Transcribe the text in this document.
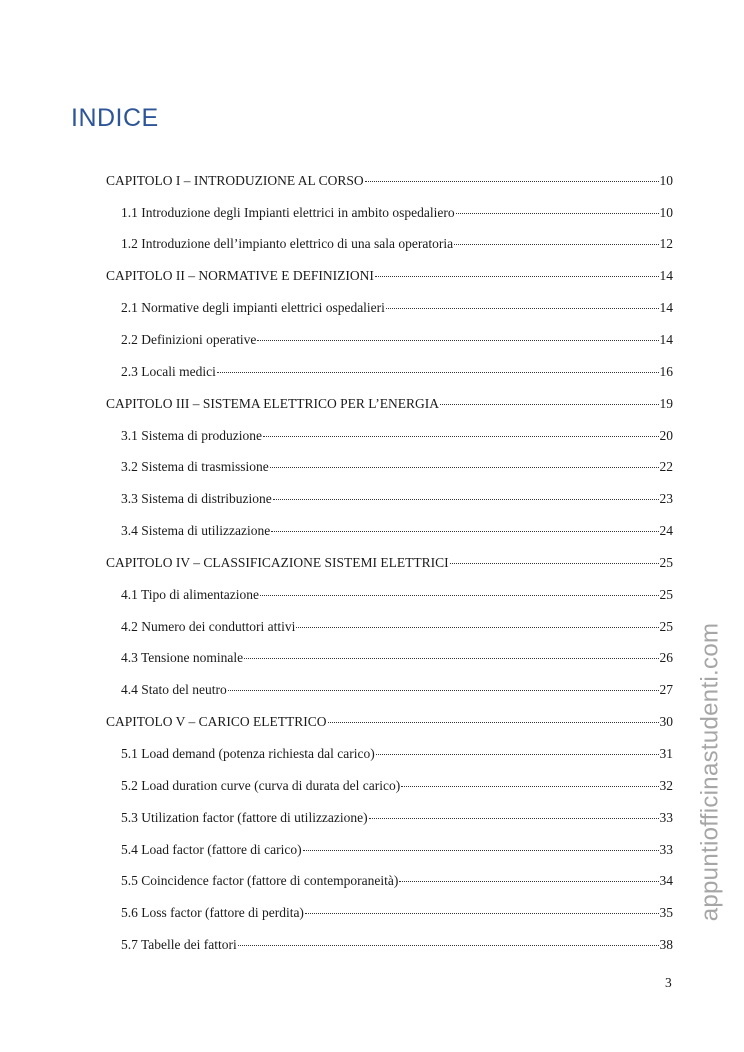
INDICE
CAPITOLO I – INTRODUZIONE AL CORSO	10
1.1 Introduzione degli Impianti elettrici in ambito ospedaliero	10
1.2 Introduzione dell’impianto elettrico di una sala operatoria	12
CAPITOLO II – NORMATIVE E DEFINIZIONI	14
2.1 Normative degli impianti elettrici ospedalieri	14
2.2 Definizioni operative	14
2.3 Locali medici	16
CAPITOLO III – SISTEMA ELETTRICO PER L’ENERGIA	19
3.1 Sistema di produzione	20
3.2 Sistema di trasmissione	22
3.3 Sistema di distribuzione	23
3.4 Sistema di utilizzazione	24
CAPITOLO IV – CLASSIFICAZIONE SISTEMI ELETTRICI	25
4.1 Tipo di alimentazione	25
4.2 Numero dei conduttori attivi	25
4.3 Tensione nominale	26
4.4 Stato del neutro	27
CAPITOLO V – CARICO ELETTRICO	30
5.1 Load demand (potenza richiesta dal carico)	31
5.2 Load duration curve (curva di durata del carico)	32
5.3 Utilization factor (fattore di utilizzazione)	33
5.4 Load factor (fattore di carico)	33
5.5 Coincidence factor (fattore di contemporaneità)	34
5.6 Loss factor (fattore di perdita)	35
5.7 Tabelle dei fattori	38
3
appuntiofficinastudenti.com
